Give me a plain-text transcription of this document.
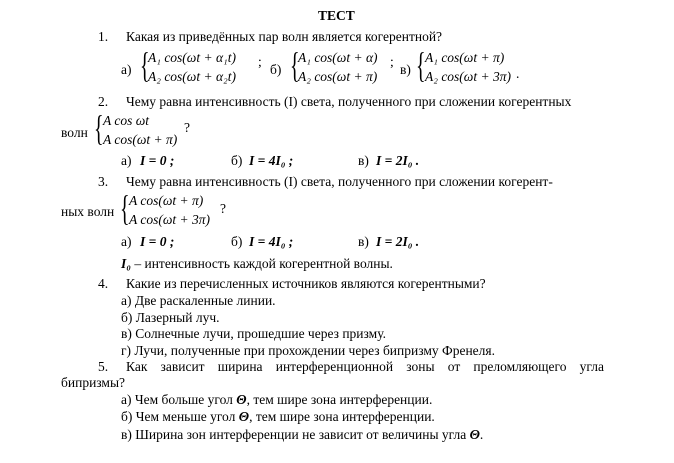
ТЕСТ
1. Какая из приведённых пар волн является когерентной?
а) {
A₁ cos(ωt + α₁t)
A₂ cos(ωt + α₂t)
;
б) {
A₁ cos(ωt + α)
A₂ cos(ωt + π)
;
в) { A₁ cos(ωt + π)
A₂ cos(ωt + 3π) .
2. Чему равна интенсивность (I) света, полученного при сложении когерентных
волн { A cos ωt
A cos(ωt + π)
?
а) I = 0 ;	б) I = 4I₀ ;	в) I = 2I₀ .
3. Чему равна интенсивность (I) света, полученного при сложении когерент-
ных волн { A cos(ωt + π)
A cos(ωt + 3π)
?
а) I = 0 ;	б) I = 4I₀ ;	в) I = 2I₀ .
I₀ – интенсивность каждой когерентной волны.
4. Какие из перечисленных источников являются когерентными?
а) Две раскаленные линии.
б) Лазерный луч.
в) Солнечные лучи, прошедшие через призму.
г) Лучи, полученные при прохождении через бипризму Френеля.
5. Как зависит ширина интерференционной зоны от преломляющего угла
бипризмы?
а) Чем больше угол Θ, тем шире зона интерференции.
б) Чем меньше угол Θ, тем шире зона интерференции.
в) Ширина зон интерференции не зависит от величины угла Θ.
